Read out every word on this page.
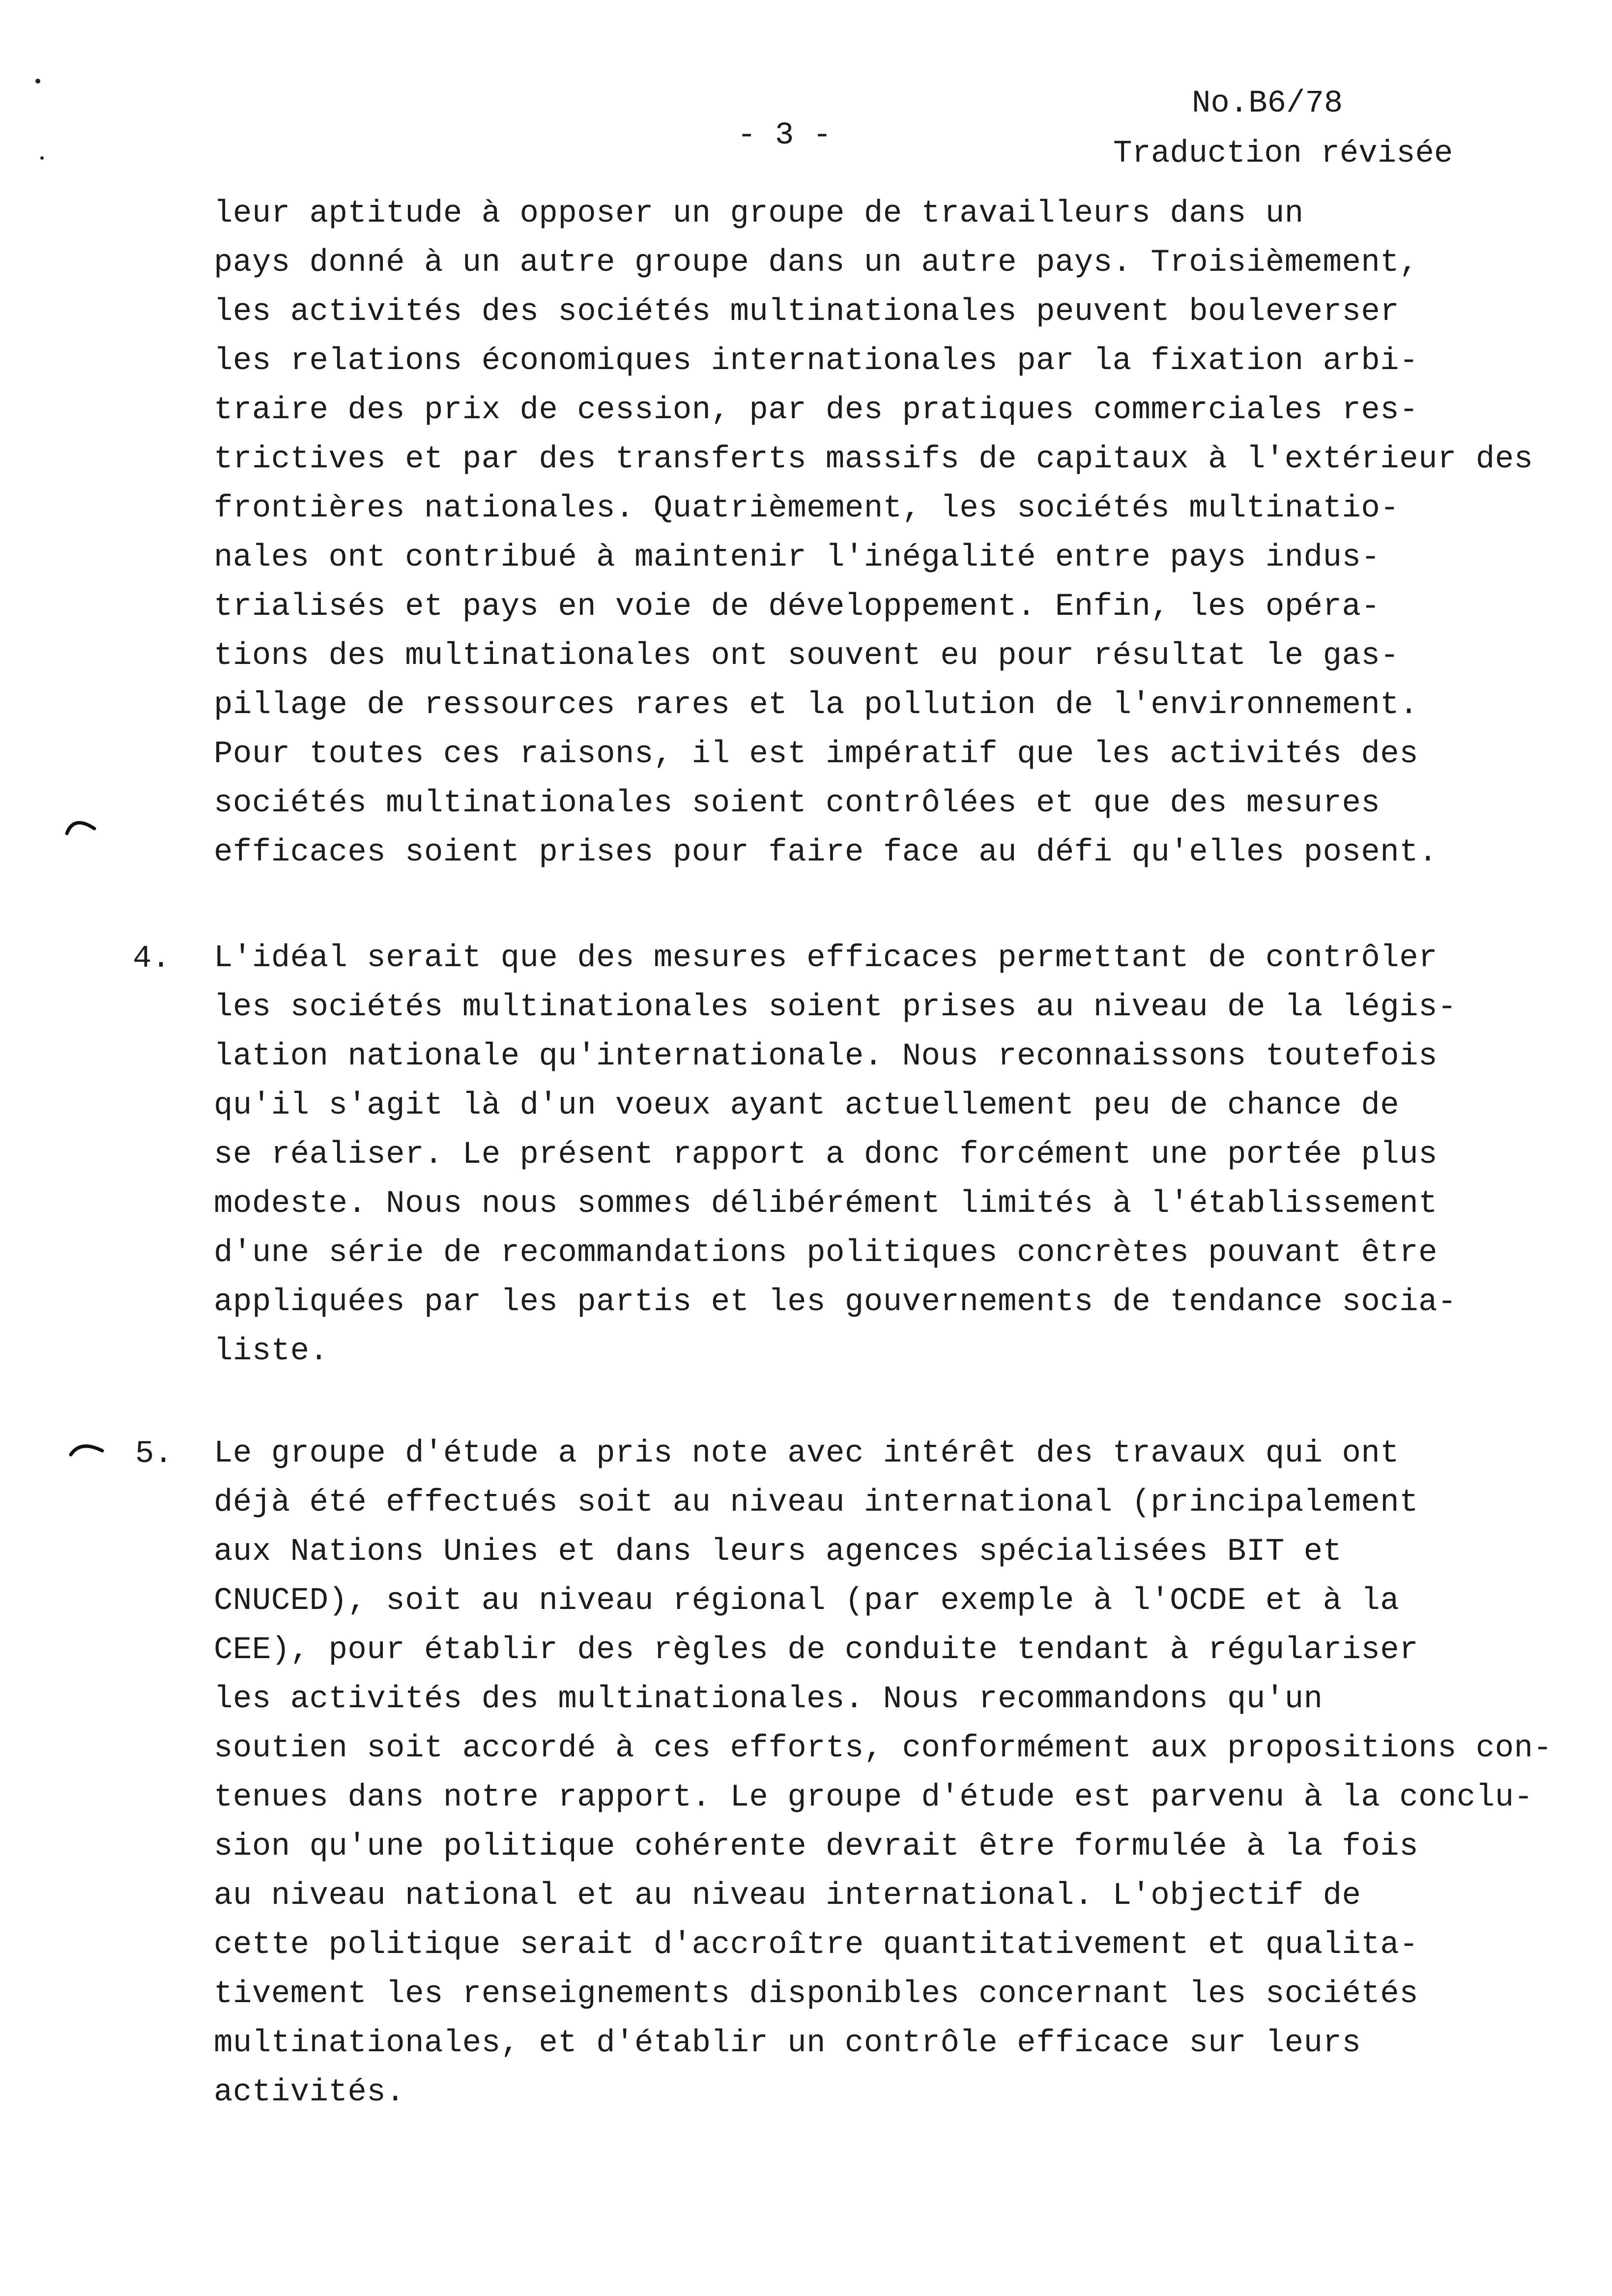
- 3 -
No.B6/78
Traduction révisée
leur aptitude à opposer un groupe de travailleurs dans un
pays donné à un autre groupe dans un autre pays. Troisièmement,
les activités des sociétés multinationales peuvent bouleverser
les relations économiques internationales par la fixation arbi-
traire des prix de cession, par des pratiques commerciales res-
trictives et par des transferts massifs de capitaux à l'extérieur des
frontières nationales. Quatrièmement, les sociétés multinatio-
nales ont contribué à maintenir l'inégalité entre pays indus-
trialisés et pays en voie de développement. Enfin, les opéra-
tions des multinationales ont souvent eu pour résultat le gas-
pillage de ressources rares et la pollution de l'environnement.
Pour toutes ces raisons, il est impératif que les activités des
sociétés multinationales soient contrôlées et que des mesures
efficaces soient prises pour faire face au défi qu'elles posent.
4. L'idéal serait que des mesures efficaces permettant de contrôler
les sociétés multinationales soient prises au niveau de la légis-
lation nationale qu'internationale. Nous reconnaissons toutefois
qu'il s'agit là d'un voeux ayant actuellement peu de chance de
se réaliser. Le présent rapport a donc forcément une portée plus
modeste. Nous nous sommes délibérément limités à l'établissement
d'une série de recommandations politiques concrètes pouvant être
appliquées par les partis et les gouvernements de tendance socia-
liste.
5. Le groupe d'étude a pris note avec intérêt des travaux qui ont
déjà été effectués soit au niveau international (principalement
aux Nations Unies et dans leurs agences spécialisées BIT et
CNUCED), soit au niveau régional (par exemple à l'OCDE et à la
CEE), pour établir des règles de conduite tendant à régulariser
les activités des multinationales. Nous recommandons qu'un
soutien soit accordé à ces efforts, conformément aux propositions con-
tenues dans notre rapport. Le groupe d'étude est parvenu à la conclu-
sion qu'une politique cohérente devrait être formulée à la fois
au niveau national et au niveau international. L'objectif de
cette politique serait d'accroître quantitativement et qualita-
tivement les renseignements disponibles concernant les sociétés
multinationales, et d'établir un contrôle efficace sur leurs
activités.
